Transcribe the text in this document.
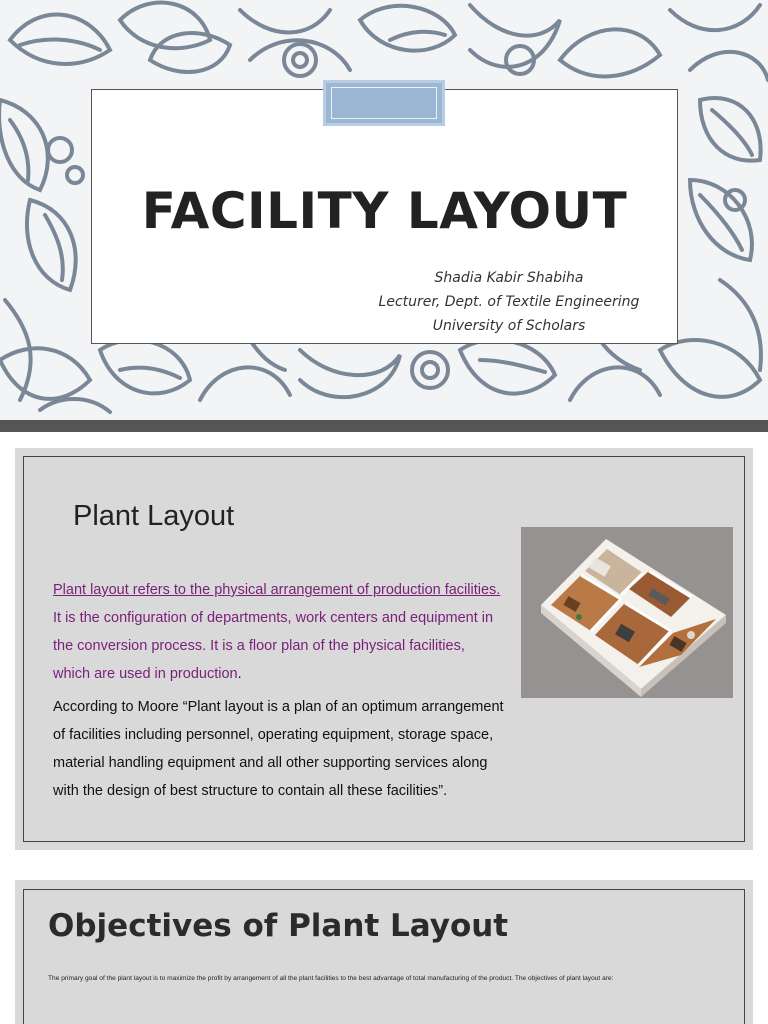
FACILITY LAYOUT
Shadia Kabir Shabiha
Lecturer, Dept. of Textile Engineering
University of Scholars
Plant Layout
Plant layout refers to the physical arrangement of production facilities.
It is the configuration of departments, work centers and equipment in
the conversion process. It is a floor plan of the physical facilities,
which are used in production.
According to Moore “Plant layout is a plan of an optimum arrangement
of facilities including personnel, operating equipment, storage space,
material handling equipment and all other supporting services along
with the design of best structure to contain all these facilities”.
Objectives of Plant Layout
The primary goal of the plant layout is to maximize the profit by arrangement of all the plant facilities to the best advantage of total manufacturing of the product. The objectives of plant layout are:
